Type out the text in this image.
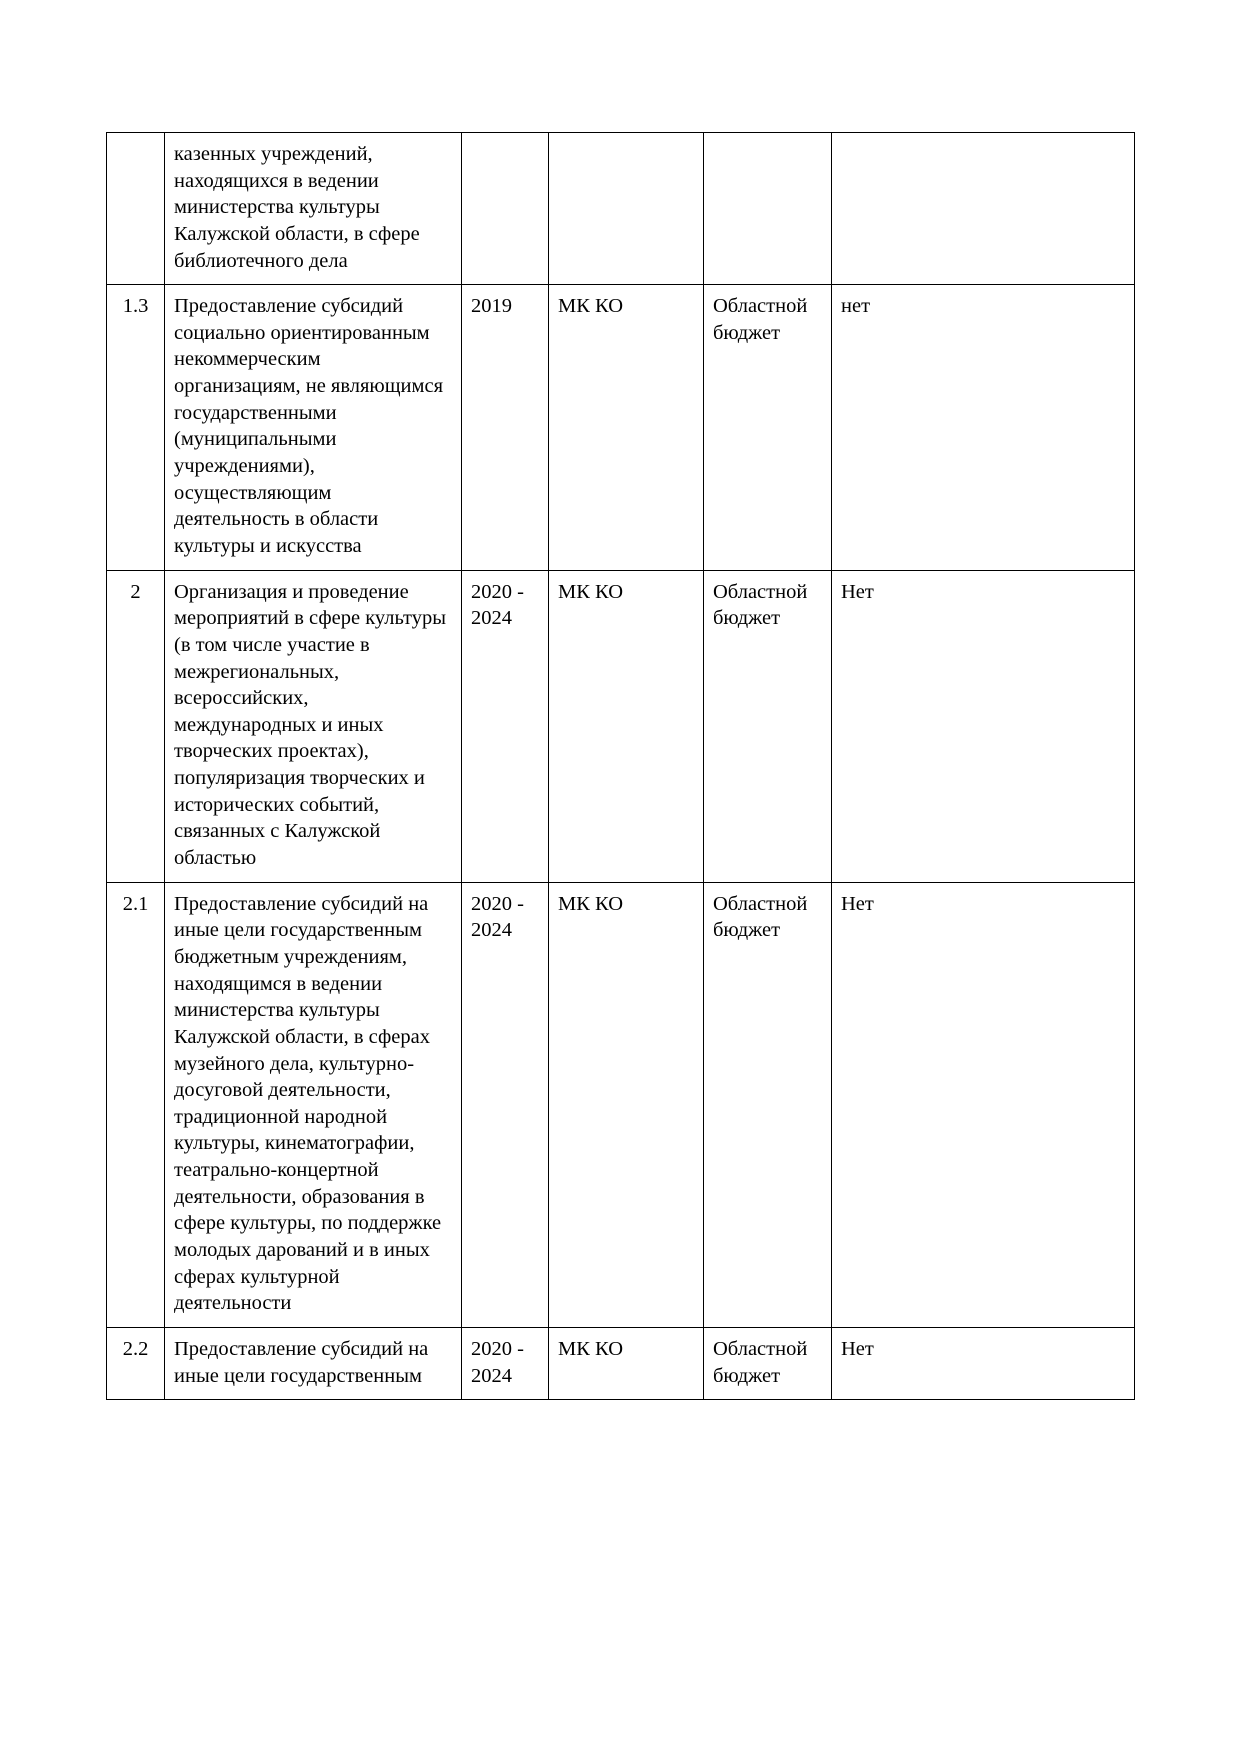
	казенных учреждений, находящихся в ведении министерства культуры Калужской области, в сфере библиотечного дела				
1.3	Предоставление субсидий социально ориентированным некоммерческим организациям, не являющимся государственными (муниципальными учреждениями), осуществляющим деятельность в области культуры и искусства	2019	МК КО	Областной бюджет	нет
2	Организация и проведение мероприятий в сфере культуры (в том числе участие в межрегиональных, всероссийских, международных и иных творческих проектах), популяризация творческих и исторических событий, связанных с Калужской областью	2020 - 2024	МК КО	Областной бюджет	Нет
2.1	Предоставление субсидий на иные цели государственным бюджетным учреждениям, находящимся в ведении министерства культуры Калужской области, в сферах музейного дела, культурно-досуговой деятельности, традиционной народной культуры, кинематографии, театрально-концертной деятельности, образования в сфере культуры, по поддержке молодых дарований и в иных сферах культурной деятельности	2020 - 2024	МК КО	Областной бюджет	Нет
2.2	Предоставление субсидий на иные цели государственным	2020 - 2024	МК КО	Областной бюджет	Нет
